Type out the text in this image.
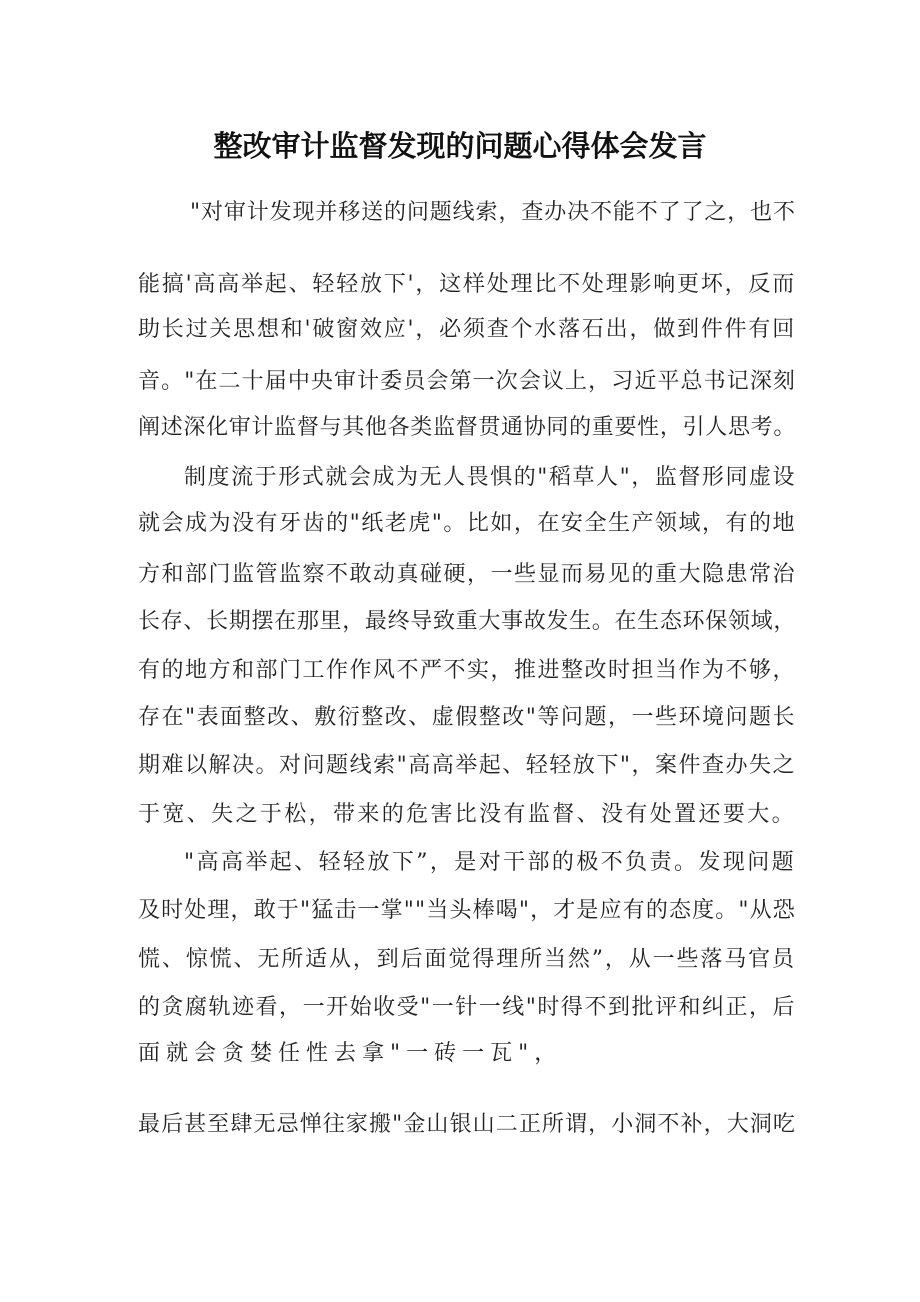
整改审计监督发现的问题心得体会发言

"对审计发现并移送的问题线索，查办决不能不了了之，也不

能搞'高高举起、轻轻放下'，这样处理比不处理影响更坏，反而

助长过关思想和'破窗效应'，必须查个水落石出，做到件件有回

音。"在二十届中央审计委员会第一次会议上，习近平总书记深刻

阐述深化审计监督与其他各类监督贯通协同的重要性，引人思考。

制度流于形式就会成为无人畏惧的"稻草人"，监督形同虚设

就会成为没有牙齿的"纸老虎"。比如，在安全生产领域，有的地

方和部门监管监察不敢动真碰硬，一些显而易见的重大隐患常治

长存、长期摆在那里，最终导致重大事故发生。在生态环保领域，

有的地方和部门工作作风不严不实，推进整改时担当作为不够，

存在"表面整改、敷衍整改、虚假整改"等问题，一些环境问题长

期难以解决。对问题线索"高高举起、轻轻放下"，案件查办失之

于宽、失之于松，带来的危害比没有监督、没有处置还要大。

"高高举起、轻轻放下”，是对干部的极不负责。发现问题

及时处理，敢于"猛击一掌""当头棒喝"，才是应有的态度。"从恐

慌、惊慌、无所适从，到后面觉得理所当然”，从一些落马官员

的贪腐轨迹看，一开始收受"一针一线"时得不到批评和纠正，后

面就会贪婪任性去拿"一砖一瓦"，

最后甚至肆无忌惮往家搬"金山银山二正所谓，小洞不补，大洞吃
